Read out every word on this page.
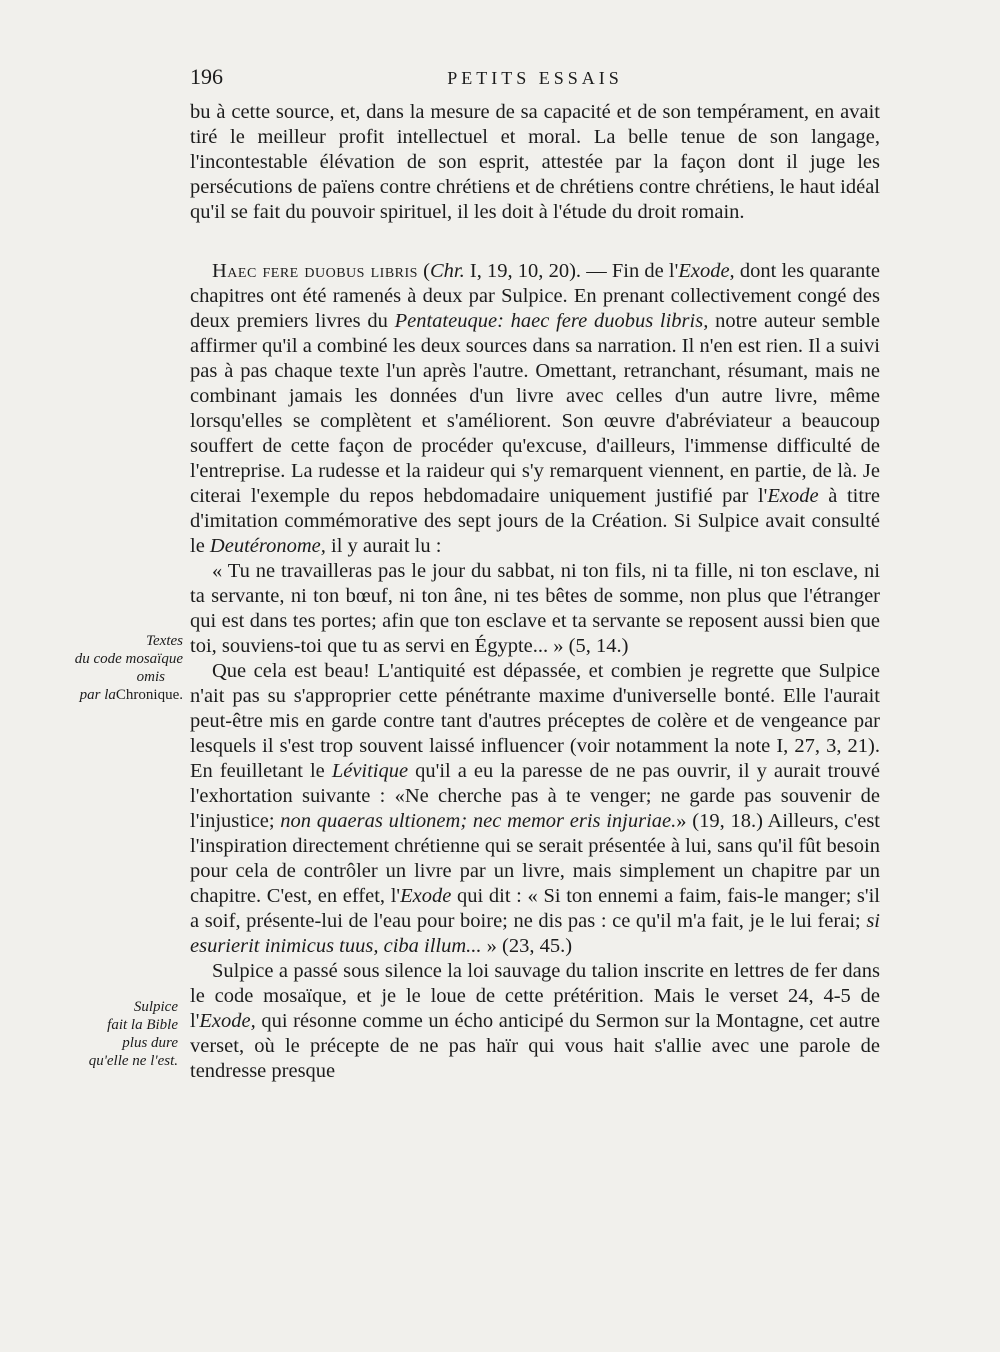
196	PETITS ESSAIS

bu à cette source, et, dans la mesure de sa capacité et de son tempérament, en avait tiré le meilleur profit intellectuel et moral. La belle tenue de son langage, l'incontestable élévation de son esprit, attestée par la façon dont il juge les persécutions de païens contre chrétiens et de chrétiens contre chrétiens, le haut idéal qu'il se fait du pouvoir spirituel, il les doit à l'étude du droit romain.

Haec fere duobus libris (Chr. I, 19, 10, 20). — Fin de l'Exode, dont les quarante chapitres ont été ramenés à deux par Sulpice. En prenant collectivement congé des deux premiers livres du Pentateuque: haec fere duobus libris, notre auteur semble affirmer qu'il a combiné les deux sources dans sa narration. Il n'en est rien. Il a suivi pas à pas chaque texte l'un après l'autre. Omettant, retranchant, résumant, mais ne combinant jamais les données d'un livre avec celles d'un autre livre, même lorsqu'elles se complètent et s'améliorent. Son œuvre d'abréviateur a beaucoup souffert de cette façon de procéder qu'excuse, d'ailleurs, l'immense difficulté de l'entreprise. La rudesse et la raideur qui s'y remarquent viennent, en partie, de là. Je citerai l'exemple du repos hebdomadaire uniquement justifié par l'Exode à titre d'imitation commémorative des sept jours de la Création. Si Sulpice avait consulté le Deutéronome, il y aurait lu :

« Tu ne travailleras pas le jour du sabbat, ni ton fils, ni ta fille, ni ton esclave, ni ta servante, ni ton bœuf, ni ton âne, ni tes bêtes de somme, non plus que l'étranger qui est dans tes portes; afin que ton esclave et ta servante se reposent aussi bien que toi, souviens-toi que tu as servi en Égypte... » (5, 14.)

Que cela est beau! L'antiquité est dépassée, et combien je regrette que Sulpice n'ait pas su s'approprier cette pénétrante maxime d'universelle bonté. Elle l'aurait peut-être mis en garde contre tant d'autres préceptes de colère et de vengeance par lesquels il s'est trop souvent laissé influencer (voir notamment la note I, 27, 3, 21). En feuilletant le Lévitique qu'il a eu la paresse de ne pas ouvrir, il y aurait trouvé l'exhortation suivante : «Ne cherche pas à te venger; ne garde pas souvenir de l'injustice; non quaeras ultionem; nec memor eris injuriae.» (19, 18.) Ailleurs, c'est l'inspiration directement chrétienne qui se serait présentée à lui, sans qu'il fût besoin pour cela de contrôler un livre par un livre, mais simplement un chapitre par un chapitre. C'est, en effet, l'Exode qui dit : « Si ton ennemi a faim, fais-le manger; s'il a soif, présente-lui de l'eau pour boire; ne dis pas : ce qu'il m'a fait, je le lui ferai; si esurierit inimicus tuus, ciba illum... » (23, 45.)

Sulpice a passé sous silence la loi sauvage du talion inscrite en lettres de fer dans le code mosaïque, et je le loue de cette prétérition. Mais le verset 24, 4-5 de l'Exode, qui résonne comme un écho anticipé du Sermon sur la Montagne, cet autre verset, où le précepte de ne pas haïr qui vous hait s'allie avec une parole de tendresse presque

Textes
du code mosaïque
omis
par laChronique.
Sulpice
fait la Bible
plus dure
qu'elle ne l'est.
